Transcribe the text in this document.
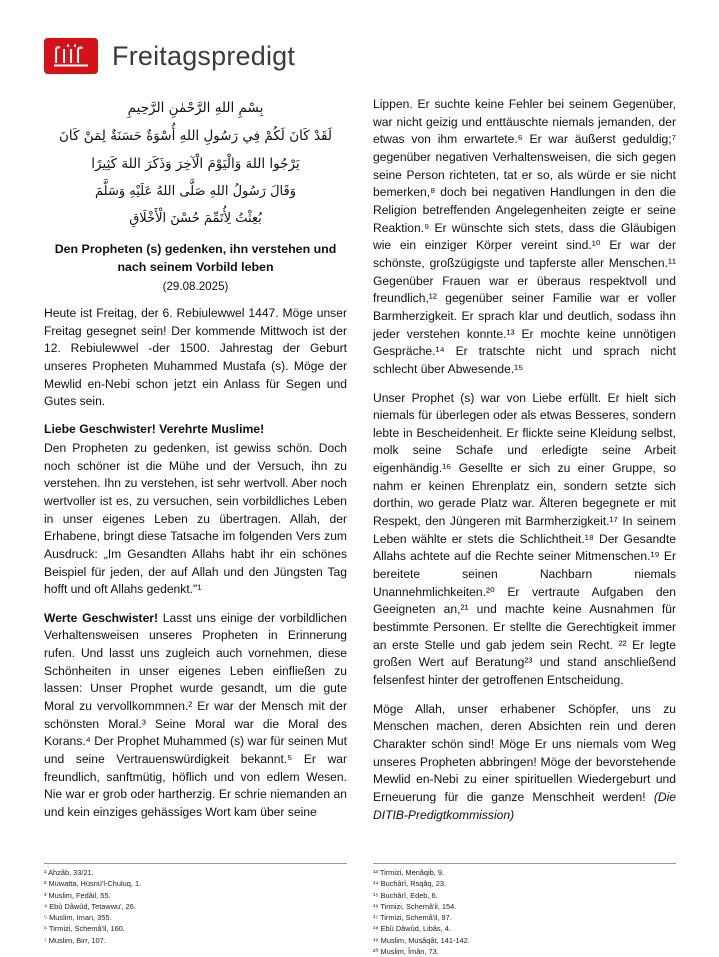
Freitagspredigt
بِسْمِ اللهِ الرَّحْمٰنِ الرَّحِيمِ
لَقَدْ كَانَ لَكُمْ فِي رَسُولِ اللهِ أُسْوَةٌ حَسَنَةٌ لِمَنْ كَانَ
يَرْجُوا اللهَ وَالْيَوْمَ الْآخِرَ وَذَكَرَ اللهَ كَثِيرًا
وَقَالَ رَسُولُ اللهِ صَلَّى اللهُ عَلَيْهِ وَسَلَّمَ
بُعِثْتُ لِأُتَمِّمَ حُسْنَ الْأَخْلَاقِ
Den Propheten (s) gedenken, ihn verstehen und nach seinem Vorbild leben
(29.08.2025)

Heute ist Freitag, der 6. Rebiulewwel 1447. Möge unser Freitag gesegnet sein! Der kommende Mittwoch ist der 12. Rebiulewwel -der 1500. Jahrestag der Geburt unseres Propheten Muhammed Mustafa (s). Möge der Mewlid en-Nebi schon jetzt ein Anlass für Segen und Gutes sein.

Liebe Geschwister! Verehrte Muslime!

Den Propheten zu gedenken, ist gewiss schön. Doch noch schöner ist die Mühe und der Versuch, ihn zu verstehen. Ihn zu verstehen, ist sehr wertvoll. Aber noch wertvoller ist es, zu versuchen, sein vorbildliches Leben in unser eigenes Leben zu übertragen. Allah, der Erhabene, bringt diese Tatsache im folgenden Vers zum Ausdruck: „Im Gesandten Allahs habt ihr ein schönes Beispiel für jeden, der auf Allah und den Jüngsten Tag hofft und oft Allahs gedenkt."¹

Werte Geschwister! Lasst uns einige der vorbildlichen Verhaltensweisen unseres Propheten in Erinnerung rufen. Und lasst uns zugleich auch vornehmen, diese Schönheiten in unser eigenes Leben einfließen zu lassen: Unser Prophet wurde gesandt, um die gute Moral zu vervollkommnen.² Er war der Mensch mit der schönsten Moral.³ Seine Moral war die Moral des Korans.⁴ Der Prophet Muhammed (s) war für seinen Mut und seine Vertrauenswürdigkeit bekannt.⁵ Er war freundlich, sanftmütig, höflich und von edlem Wesen. Nie war er grob oder hartherzig. Er schrie niemanden an und kein einziges gehässiges Wort kam über seine

Lippen. Er suchte keine Fehler bei seinem Gegenüber, war nicht geizig und enttäuschte niemals jemanden, der etwas von ihm erwartete.⁶ Er war äußerst geduldig;⁷ gegenüber negativen Verhaltensweisen, die sich gegen seine Person richteten, tat er so, als würde er sie nicht bemerken,⁸ doch bei negativen Handlungen in den die Religion betreffenden Angelegenheiten zeigte er seine Reaktion.⁹ Er wünschte sich stets, dass die Gläubigen wie ein einziger Körper vereint sind.¹⁰ Er war der schönste, großzügigste und tapferste aller Menschen.¹¹ Gegenüber Frauen war er überaus respektvoll und freundlich,¹² gegenüber seiner Familie war er voller Barmherzigkeit. Er sprach klar und deutlich, sodass ihn jeder verstehen konnte.¹³ Er mochte keine unnötigen Gespräche.¹⁴ Er tratschte nicht und sprach nicht schlecht über Abwesende.¹⁵

Unser Prophet (s) war von Liebe erfüllt. Er hielt sich niemals für überlegen oder als etwas Besseres, sondern lebte in Bescheidenheit. Er flickte seine Kleidung selbst, molk seine Schafe und erledigte seine Arbeit eigenhändig.¹⁶ Gesellte er sich zu einer Gruppe, so nahm er keinen Ehrenplatz ein, sondern setzte sich dorthin, wo gerade Platz war. Älteren begegnete er mit Respekt, den Jüngeren mit Barmherzigkeit.¹⁷ In seinem Leben wählte er stets die Schlichtheit.¹⁸ Der Gesandte Allahs achtete auf die Rechte seiner Mitmenschen.¹⁹ Er bereitete seinen Nachbarn niemals Unannehmlichkeiten.²⁰ Er vertraute Aufgaben den Geeigneten an,²¹ und machte keine Ausnahmen für bestimmte Personen. Er stellte die Gerechtigkeit immer an erste Stelle und gab jedem sein Recht. ²² Er legte großen Wert auf Beratung²³ und stand anschließend felsenfest hinter der getroffenen Entscheidung.

Möge Allah, unser erhabener Schöpfer, uns zu Menschen machen, deren Absichten rein und deren Charakter schön sind! Möge Er uns niemals vom Weg unseres Propheten abbringen! Möge der bevorstehende Mewlid en-Nebi zu einer spirituellen Wiedergeburt und Erneuerung für die ganze Menschheit werden! (Die DITIB-Predigtkommission)

¹ Ahzâb, 33/21.

² Muwatta, Hüsnü'l-Chuluq, 1.

³ Muslim, Fedâil, 55.

⁴ Ebû Dâwûd, Tetawwu', 26.

⁵ Muslim, Iman, 355.

⁶ Tirmizi, Schemâ'il, 160.

⁷ Muslim, Birr, 107.

¹³ Tirmizi, Menâqib, 9.

¹⁴ Buchârî, Rsqâq, 23.

¹⁵ Buchârî, Edeb, 6.

¹⁶ Tirmizi, Schemâ'il, 154.

¹⁷ Tirmizi, Schemâ'il, 97.

¹⁸ Ebû Dâwûd, Libâs, 4.

¹⁹ Muslim, Musâqât, 141-142.

²⁰ Muslim, Îmân, 73.
